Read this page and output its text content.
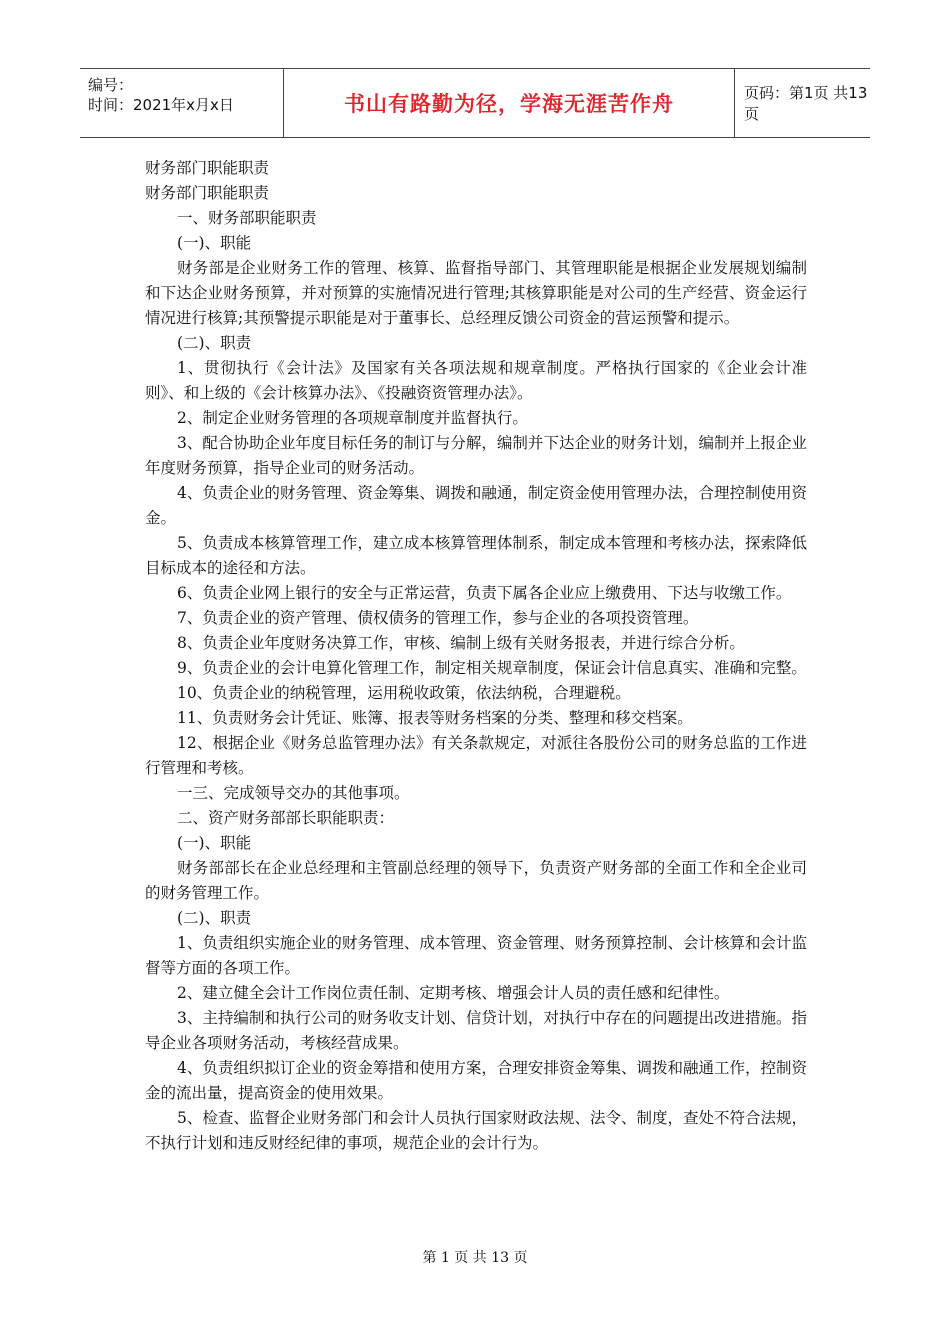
编号：
时间：2021年x月x日	书山有路勤为径，学海无涯苦作舟	页码：第1页 共13页

财务部门职能职责

财务部门职能职责

一、财务部职能职责

(一)、职能

财务部是企业财务工作的管理、核算、监督指导部门、其管理职能是根据企业发展规划编制和下达企业财务预算，并对预算的实施情况进行管理;其核算职能是对公司的生产经营、资金运行情况进行核算;其预警提示职能是对于董事长、总经理反馈公司资金的营运预警和提示。

(二)、职责

1、贯彻执行《会计法》及国家有关各项法规和规章制度。严格执行国家的《企业会计准则》、和上级的《会计核算办法》、《投融资资管理办法》。

2、制定企业财务管理的各项规章制度并监督执行。

3、配合协助企业年度目标任务的制订与分解，编制并下达企业的财务计划，编制并上报企业年度财务预算，指导企业司的财务活动。

4、负责企业的财务管理、资金筹集、调拨和融通，制定资金使用管理办法，合理控制使用资金。

5、负责成本核算管理工作，建立成本核算管理体制系，制定成本管理和考核办法，探索降低目标成本的途径和方法。

6、负责企业网上银行的安全与正常运营，负责下属各企业应上缴费用、下达与收缴工作。

7、负责企业的资产管理、债权债务的管理工作，参与企业的各项投资管理。

8、负责企业年度财务决算工作，审核、编制上级有关财务报表，并进行综合分析。

9、负责企业的会计电算化管理工作，制定相关规章制度，保证会计信息真实、准确和完整。

10、负责企业的纳税管理，运用税收政策，依法纳税，合理避税。

11、负责财务会计凭证、账簿、报表等财务档案的分类、整理和移交档案。

12、根据企业《财务总监管理办法》有关条款规定，对派往各股份公司的财务总监的工作进行管理和考核。

一三、完成领导交办的其他事项。

二、资产财务部部长职能职责：

(一)、职能

财务部部长在企业总经理和主管副总经理的领导下，负责资产财务部的全面工作和全企业司的财务管理工作。

(二)、职责

1、负责组织实施企业的财务管理、成本管理、资金管理、财务预算控制、会计核算和会计监督等方面的各项工作。

2、建立健全会计工作岗位责任制、定期考核、增强会计人员的责任感和纪律性。

3、主持编制和执行公司的财务收支计划、信贷计划，对执行中存在的问题提出改进措施。指导企业各项财务活动，考核经营成果。

4、负责组织拟订企业的资金筹措和使用方案，合理安排资金筹集、调拨和融通工作，控制资金的流出量，提高资金的使用效果。

5、检查、监督企业财务部门和会计人员执行国家财政法规、法令、制度，查处不符合法规，不执行计划和违反财经纪律的事项，规范企业的会计行为。

第 1 页 共 13 页
